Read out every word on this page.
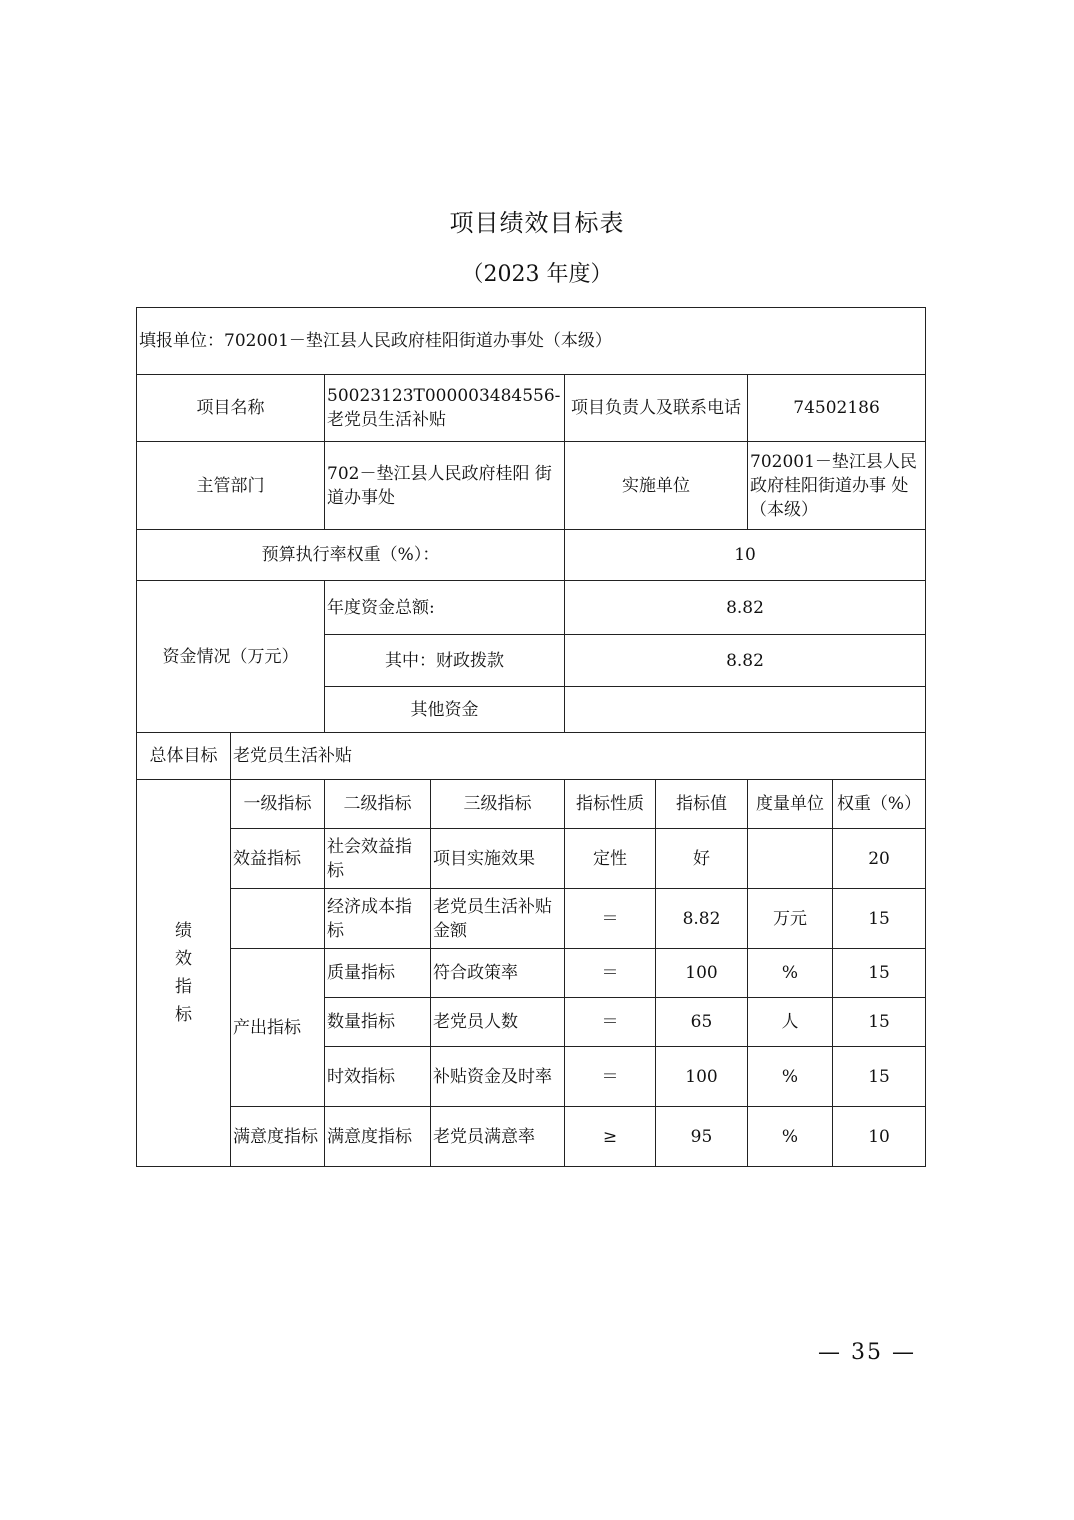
项目绩效目标表
（2023 年度）
填报单位：702001－垫江县人民政府桂阳街道办事处（本级）							
项目名称		50023123T000003484556-老党员生活补贴		项目负责人及联系电话		74502186	
主管部门		702－垫江县人民政府桂阳 街道办事处		实施单位		702001－垫江县人民 政府桂阳街道办事 处（本级）	
预算执行率权重（%）：				10			
资金情况（万元）		年度资金总额:		8.82			
		其中：财政拨款		8.82			
		其他资金					
总体目标	老党员生活补贴						

绩效指标	一级指标	二级指标	三级指标	指标性质	指标值	度量单位	权重（%）
	效益指标	社会效益指标	项目实施效果	定性	好		20
		经济成本指标	老党员生活补贴金额	＝	8.82	万元	15
	产出指标	质量指标	符合政策率	＝	100	%	15
		数量指标	老党员人数	＝	65	人	15
		时效指标	补贴资金及时率	＝	100	%	15
	满意度指标	满意度指标	老党员满意率	≥	95	%	10
— 35 —
